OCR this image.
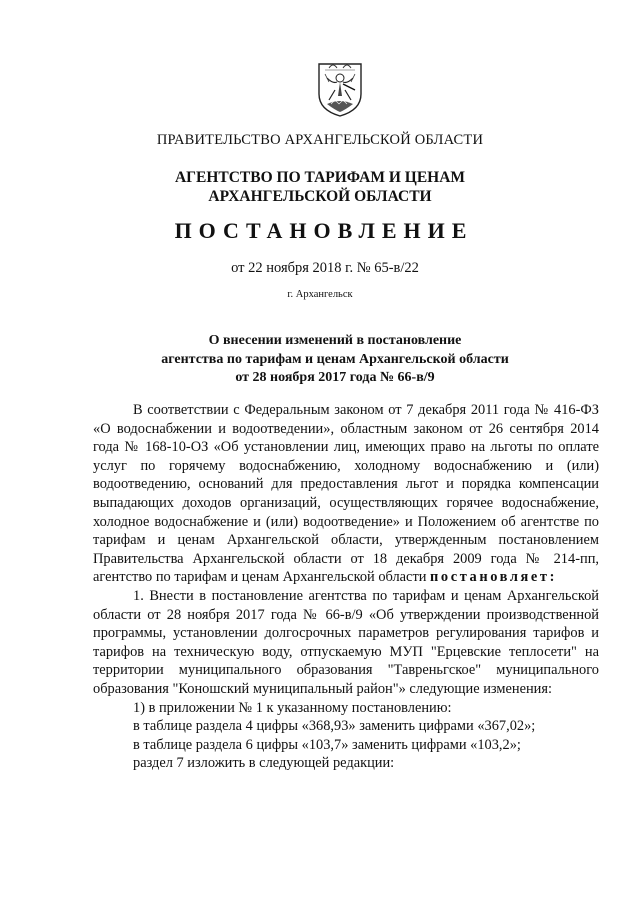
ПРАВИТЕЛЬСТВО АРХАНГЕЛЬСКОЙ ОБЛАСТИ
АГЕНТСТВО ПО ТАРИФАМ И ЦЕНАМ
АРХАНГЕЛЬСКОЙ ОБЛАСТИ
ПОСТАНОВЛЕНИЕ
от 22 ноября 2018 г. № 65-в/22
г. Архангельск
О внесении изменений в постановление
агентства по тарифам и ценам Архангельской области
от 28 ноября 2017 года № 66-в/9

В соответствии с Федеральным законом от 7 декабря 2011 года № 416-ФЗ «О водоснабжении и водоотведении», областным законом от 26 сентября 2014 года № 168-10-ОЗ «Об установлении лиц, имеющих право на льготы по оплате услуг по горячему водоснабжению, холодному водоснабжению и (или) водоотведению, оснований для предоставления льгот и порядка компенсации выпадающих доходов организаций, осуществляющих горячее водоснабжение, холодное водоснабжение и (или) водоотведение» и Положением об агентстве по тарифам и ценам Архангельской области, утвержденным постановлением Правительства Архангельской области от 18 декабря 2009 года № 214-пп, агентство по тарифам и ценам Архангельской области постановляет:

1. Внести в постановление агентства по тарифам и ценам Архангельской области от 28 ноября 2017 года № 66-в/9 «Об утверждении производственной программы, установлении долгосрочных параметров регулирования тарифов и тарифов на техническую воду, отпускаемую МУП "Ерцевские теплосети" на территории муниципального образования "Тавреньгское" муниципального образования "Коношский муниципальный район"» следующие изменения:

1) в приложении № 1 к указанному постановлению:
в таблице раздела 4 цифры «368,93» заменить цифрами «367,02»;
в таблице раздела 6 цифры «103,7» заменить цифрами «103,2»;
раздел 7 изложить в следующей редакции:
